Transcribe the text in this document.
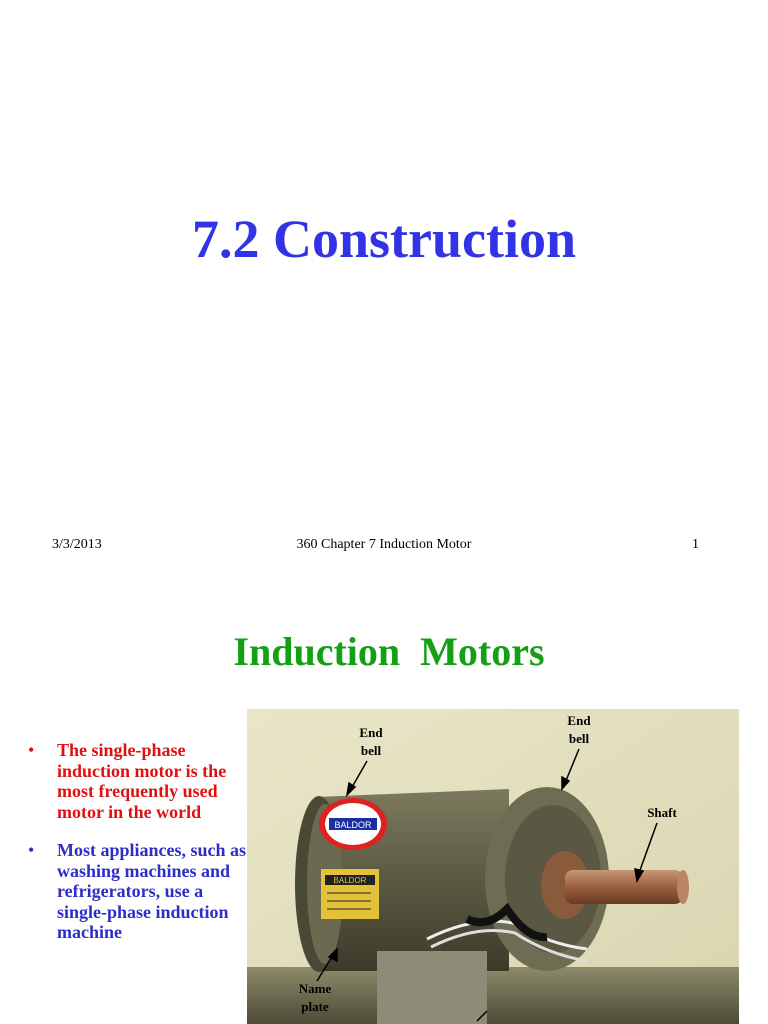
7.2 Construction
3/3/2013	360 Chapter 7 Induction Motor	1
Induction  Motors
• The single-phase induction motor is the most frequently used motor in the world
• Most appliances, such as washing machines and refrigerators, use a single-phase induction machine
BALDOR
BALDOR
End
bell
End
bell
Shaft
Name
plate
